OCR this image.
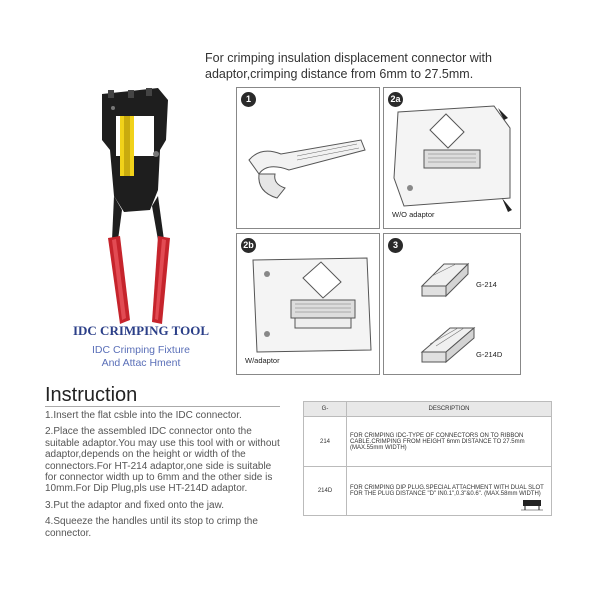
For crimping insulation displacement connector with adaptor,crimping distance from 6mm to 27.5mm.
IDC CRIMPING TOOL
IDC Crimping Fixture
And Attac Hment
1	2a
W/O adaptor
2b
W/adaptor
3
G-214
G-214D
Instruction
1.Insert the flat csble into the IDC connector.
2.Place the assembled IDC connector onto the suitable adaptor.You may use this tool with or without adaptor,depends on the height or width of the connectors.For HT-214 adaptor,one side is suitable for connector width up to 6mm and the other side is 10mm.For Dip Plug,pls use HT-214D adaptor.
3.Put the adaptor and fixed onto the jaw.
4.Squeeze the handles until its stop to crimp the connector.
G-	DESCRIPTION
214	FOR CRIMPING IDC-TYPE OF CONNECTORS ON TO RIBBON CABLE.CRIMPING FROM HEIGHT 6mm DISTANCE TO 27.5mm (MAX.55mm WIDTH)
214D	FOR CRIMPING DIP PLUG.SPECIAL ATTACHMENT WITH DUAL SLOT FOR THE PLUG DISTANCE "D" IN0.1",0.3"&0.6". (MAX.58mm WIDTH)
